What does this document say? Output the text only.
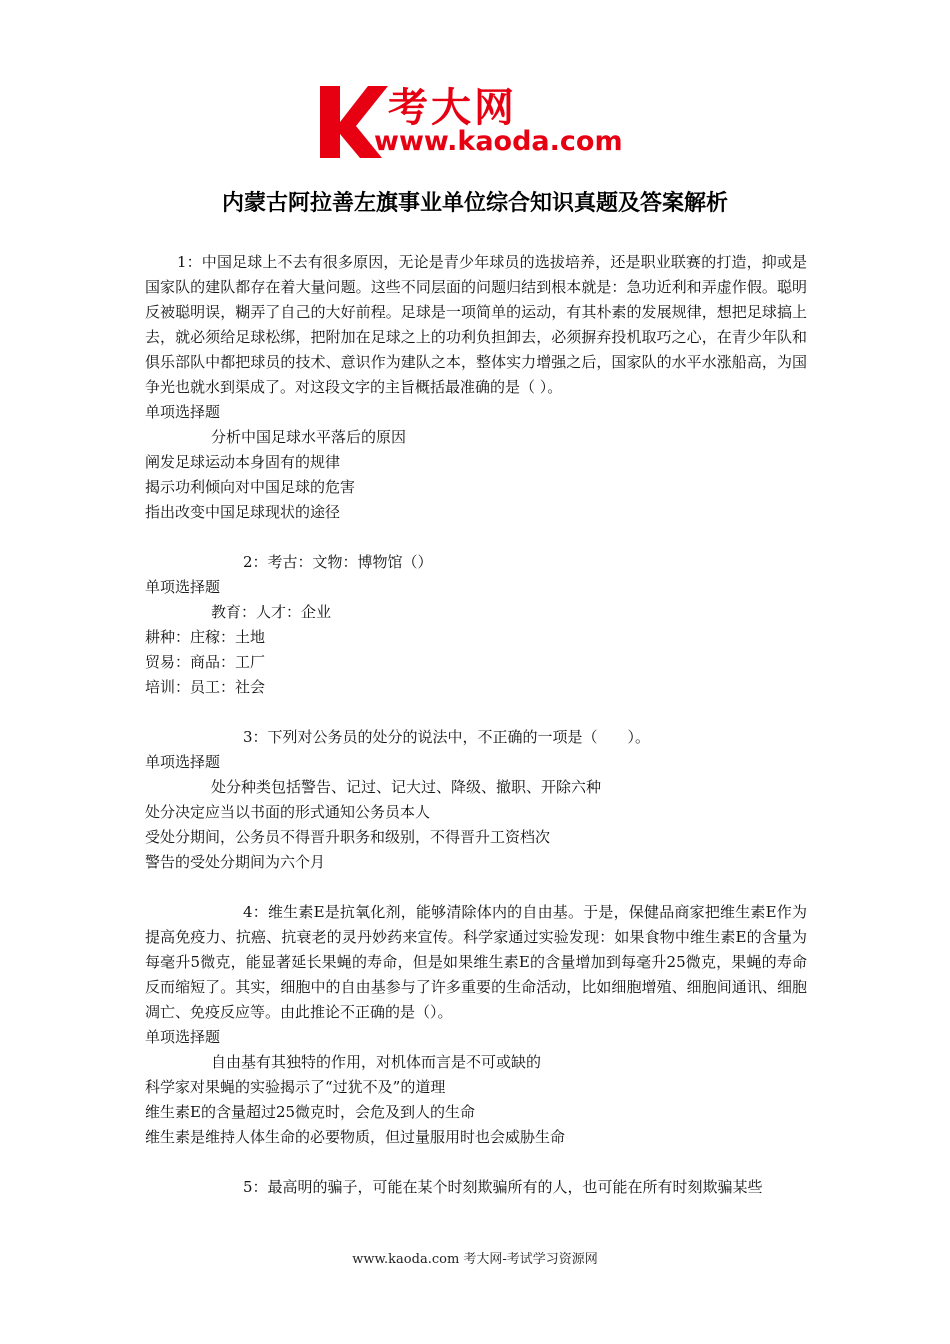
考大网
www.kaoda.com
内蒙古阿拉善左旗事业单位综合知识真题及答案解析
1：中国足球上不去有很多原因，无论是青少年球员的选拔培养，还是职业联赛的打造，抑或是国家队的建队都存在着大量问题。这些不同层面的问题归结到根本就是：急功近利和弄虚作假。聪明反被聪明误，糊弄了自己的大好前程。足球是一项简单的运动，有其朴素的发展规律，想把足球搞上去，就必须给足球松绑，把附加在足球之上的功利负担卸去，必须摒弃投机取巧之心，在青少年队和俱乐部队中都把球员的技术、意识作为建队之本，整体实力增强之后，国家队的水平水涨船高，为国争光也就水到渠成了。对这段文字的主旨概括最准确的是（ ）。
单项选择题
分析中国足球水平落后的原因
阐发足球运动本身固有的规律
揭示功利倾向对中国足球的危害
指出改变中国足球现状的途径
2：考古：文物：博物馆（）
单项选择题
教育：人才：企业
耕种：庄稼：土地
贸易：商品：工厂
培训：员工：社会
3：下列对公务员的处分的说法中，不正确的一项是（　　）。
单项选择题
处分种类包括警告、记过、记大过、降级、撤职、开除六种
处分决定应当以书面的形式通知公务员本人
受处分期间，公务员不得晋升职务和级别，不得晋升工资档次
警告的受处分期间为六个月
4：维生素E是抗氧化剂，能够清除体内的自由基。于是，保健品商家把维生素E作为提高免疫力、抗癌、抗衰老的灵丹妙药来宣传。科学家通过实验发现：如果食物中维生素E的含量为每毫升5微克，能显著延长果蝇的寿命，但是如果维生素E的含量增加到每毫升25微克，果蝇的寿命反而缩短了。其实，细胞中的自由基参与了许多重要的生命活动，比如细胞增殖、细胞间通讯、细胞凋亡、免疫反应等。由此推论不正确的是（）。
单项选择题
自由基有其独特的作用，对机体而言是不可或缺的
科学家对果蝇的实验揭示了“过犹不及”的道理
维生素E的含量超过25微克时，会危及到人的生命
维生素是维持人体生命的必要物质，但过量服用时也会威胁生命
5：最高明的骗子，可能在某个时刻欺骗所有的人，也可能在所有时刻欺骗某些
www.kaoda.com 考大网-考试学习资源网
